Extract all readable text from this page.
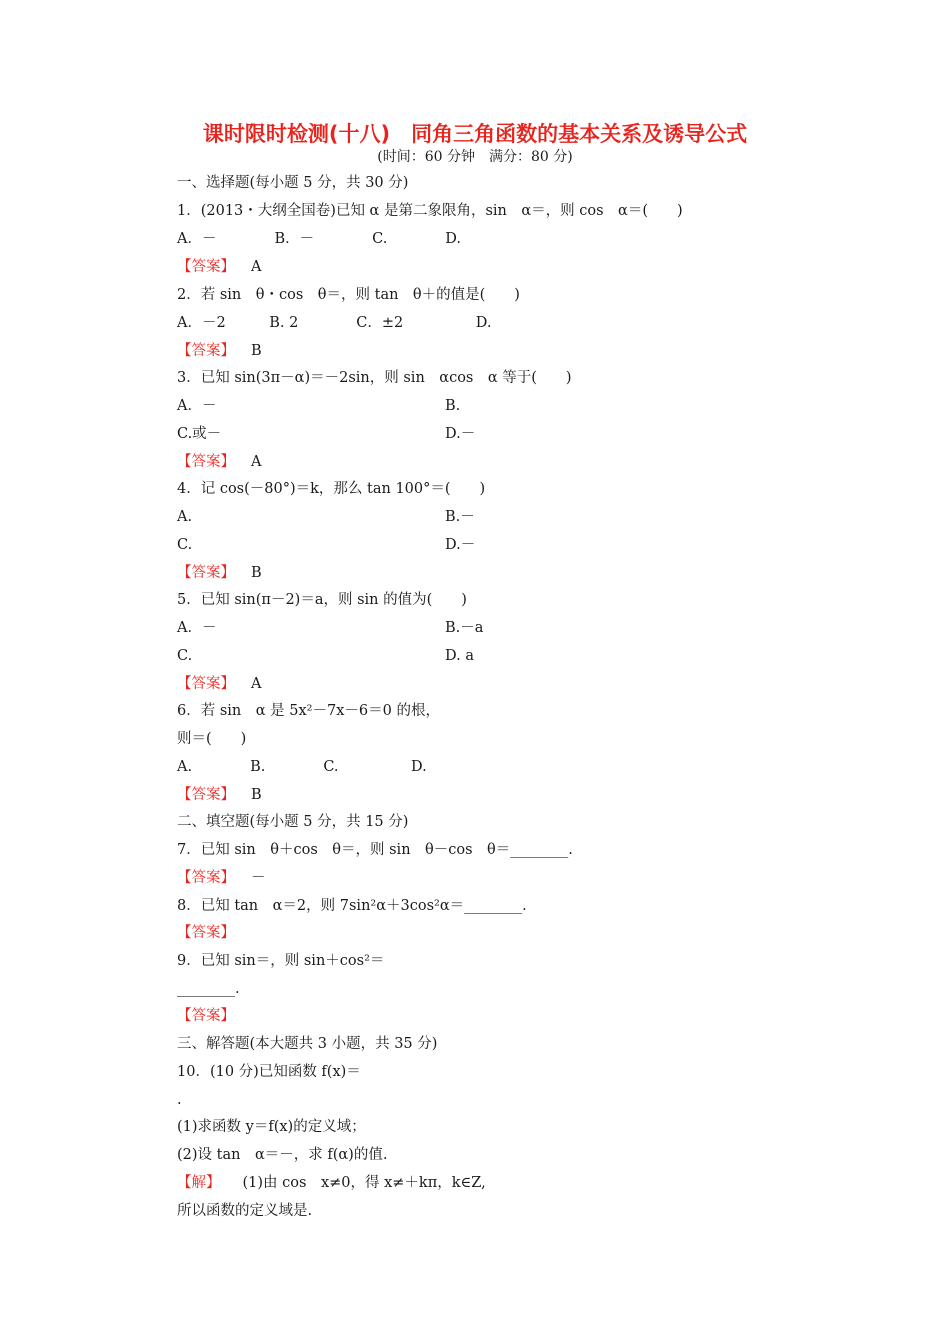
课时限时检测(十八)　同角三角函数的基本关系及诱导公式
(时间：60 分钟　满分：80 分)
一、选择题(每小题 5 分，共 30 分)
1．(2013・大纲全国卷)已知 α 是第二象限角，sin　α＝，则 cos　α＝(　　)
A．－　　　　B．－　　　　C.　　　　D.
【答案】 A
2．若 sin　θ・cos　θ＝，则 tan　θ＋的值是(　　)
A．－2　　　B. 2　　　　C．±2　　　　　D.
【答案】 B
3．已知 sin(3π－α)＝－2sin，则 sin　αcos　α 等于(　　)
A．－	B.
C.或－	D.－
【答案】 A
4．记 cos(－80°)＝k，那么 tan 100°＝(　　)
A.	B.－
C.	D.－
【答案】 B
5．已知 sin(π－2)＝a，则 sin 的值为(　　)
A．－	B.－a
C.	D. a
【答案】 A
6．若 sin　α 是 5x²－7x－6＝0 的根，
则＝(　　)
A.　　　　B.　　　　C.　　　　　D.
【答案】 B
二、填空题(每小题 5 分，共 15 分)
7．已知 sin　θ＋cos　θ＝，则 sin　θ－cos　θ＝________.
【答案】 －
8．已知 tan　α＝2，则 7sin²α＋3cos²α＝________.
【答案】
9．已知 sin＝，则 sin＋cos²＝
________.
【答案】
三、解答题(本大题共 3 小题，共 35 分)
10．(10 分)已知函数 f(x)＝
.
(1)求函数 y＝f(x)的定义域；
(2)设 tan　α＝－，求 f(α)的值.
【解】 (1)由 cos　x≠0，得 x≠＋kπ，k∈Z,
所以函数的定义域是.
